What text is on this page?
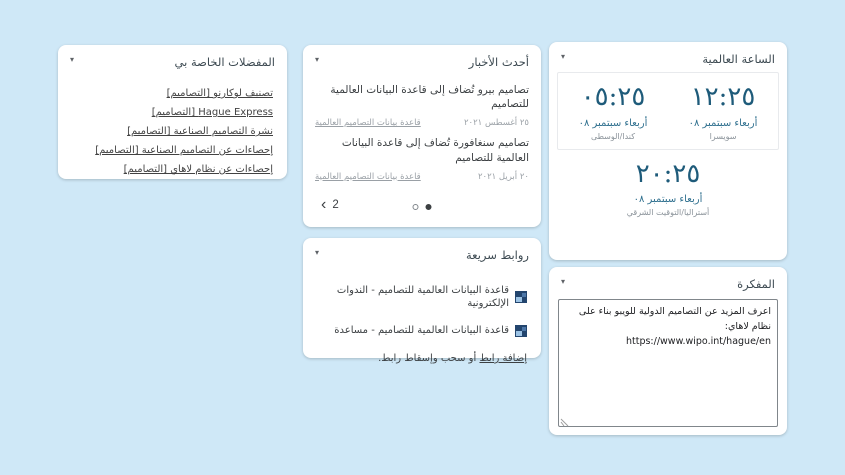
المفضلات الخاصة بي
▾
تصنيف لوكارنو [التصاميم]
Hague Express [التصاميم]
نشرة التصاميم الصناعية [التصاميم]
إحصاءات عن التصاميم الصناعية [التصاميم]
إحصاءات عن نظام لاهاي [التصاميم]
أحدث الأخبار
▾
تصاميم بيرو تُضاف إلى قاعدة البيانات العالمية للتصاميم
٢٥ أغسطس ٢٠٢١
قاعدة بيانات التصاميم العالمية
تصاميم سنغافورة تُضاف إلى قاعدة البيانات العالمية للتصاميم
٢٠ أبريل ٢٠٢١
قاعدة بيانات التصاميم العالمية
‹ 2
الساعة العالمية
▾
١٢:٢٥
أربعاء سبتمبر ٠٨
سويسرا
٠٥:٢٥
أربعاء سبتمبر ٠٨
كندا/الوسطى
٢٠:٢٥
أربعاء سبتمبر ٠٨
أستراليا/التوقيت الشرقي
روابط سريعة
▾
قاعدة البيانات العالمية للتصاميم - الندوات الإلكترونية
قاعدة البيانات العالمية للتصاميم - مساعدة
إضافة رابط أو سحب وإسقاط رابط.
المفكرة
▾
اعرف المزيد عن التصاميم الدولية للويبو بناء على نظام لاهاي: https://www.wipo.int/hague/en
